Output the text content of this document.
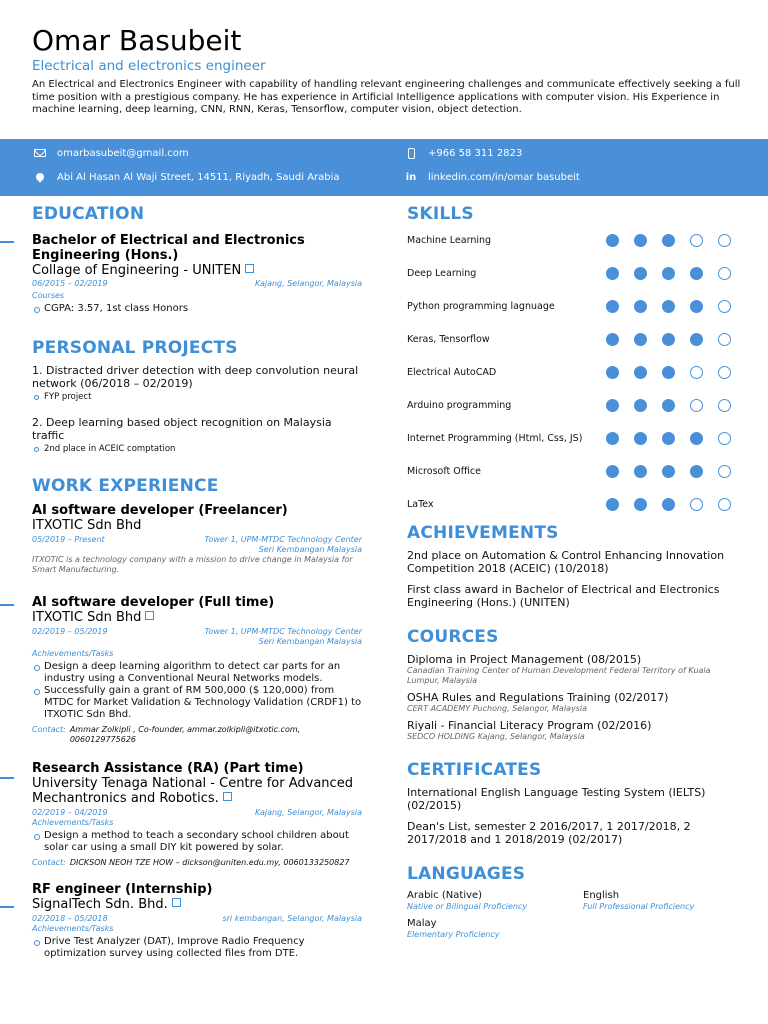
Omar Basubeit
Electrical and electronics engineer
An Electrical and Electronics Engineer with capability of handling relevant engineering challenges and communicate effectively seeking a full time position with a prestigious company. He has experience in Artificial Intelligence applications with computer vision. His Experience in machine learning, deep learning, CNN, RNN, Keras, Tensorflow, computer vision, object detection.
omarbasubeit@gmail.com	+966 58 311 2823
Abi Al Hasan Al Waji Street, 14511, Riyadh, Saudi Arabia	in linkedin.com/in/omar basubeit
EDUCATION
Bachelor of Electrical and Electronics Engineering (Hons.)
Collage of Engineering - UNITEN
06/2015 – 02/2019	Kajang, Selangor, Malaysia
Courses
CGPA: 3.57, 1st class Honors
PERSONAL PROJECTS
1. Distracted driver detection with deep convolution neural network (06/2018 – 02/2019)
FYP project
2. Deep learning based object recognition on Malaysia traffic
2nd place in ACEIC comptation
WORK EXPERIENCE
AI software developer (Freelancer)
ITXOTIC Sdn Bhd
05/2019 – Present	Tower 1, UPM-MTDC Technology Center
Seri Kembangan Malaysia
ITXOTIC is a technology company with a mission to drive change in Malaysia for Smart Manufacturing.
AI software developer (Full time)
ITXOTIC Sdn Bhd
02/2019 – 05/2019	Tower 1, UPM-MTDC Technology Center
Seri Kembangan Malaysia
Achievements/Tasks
Design a deep learning algorithm to detect car parts for an industry using a Conventional Neural Networks models.
Successfully gain a grant of RM 500,000 ($ 120,000) from MTDC for Market Validation & Technology Validation (CRDF1) to ITXOTIC Sdn Bhd.
Contact: Ammar Zolkipli , Co-founder, ammar.zolkipli@itxotic.com, 0060129775626
Research Assistance (RA) (Part time)
University Tenaga National - Centre for Advanced Mechantronics and Robotics.
02/2019 – 04/2019	Kajang, Selangor, Malaysia
Achievements/Tasks
Design a method to teach a secondary school children about solar car using a small DIY kit powered by solar.
Contact: DICKSON NEOH TZE HOW – dickson@uniten.edu.my, 0060133250827
RF engineer (Internship)
SignalTech Sdn. Bhd.
02/2018 – 05/2018	sri kembangan, Selangor, Malaysia
Achievements/Tasks
Drive Test Analyzer (DAT), Improve Radio Frequency optimization survey using collected files from DTE.
SKILLS
Machine Learning
Deep Learning
Python programming lagnuage
Keras, Tensorflow
Electrical AutoCAD
Arduino programming
Internet Programming (Html, Css, JS)
Microsoft Office
LaTex
ACHIEVEMENTS
2nd place on Automation & Control Enhancing Innovation Competition 2018 (ACEIC) (10/2018)
First class award in Bachelor of Electrical and Electronics Engineering (Hons.) (UNITEN)
COURCES
Diploma in Project Management (08/2015)
Canadian Training Center of Human Development Federal Territory of Kuala Lumpur, Malaysia
OSHA Rules and Regulations Training (02/2017)
CERT ACADEMY Puchong, Selangor, Malaysia
Riyali - Financial Literacy Program (02/2016)
SEDCO HOLDING Kajang, Selangor, Malaysia
CERTIFICATES
International English Language Testing System (IELTS) (02/2015)
Dean's List, semester 2 2016/2017, 1 2017/2018, 2 2017/2018 and 1 2018/2019 (02/2017)
LANGUAGES
Arabic (Native)
Native or Bilingual Proficiency
English
Full Professional Proficiency
Malay
Elementary Proficiency
